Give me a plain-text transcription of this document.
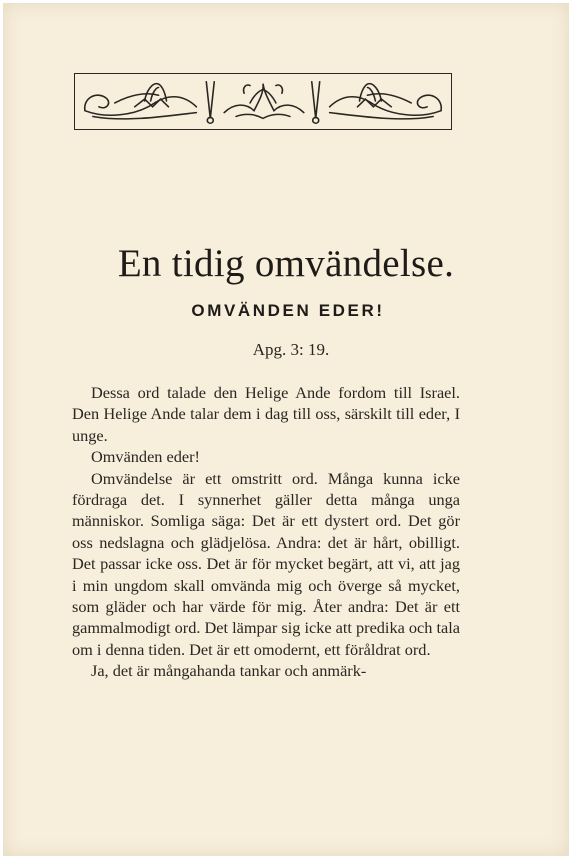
En tidig omvändelse.
OMVÄNDEN EDER!
Apg. 3: 19.

Dessa ord talade den Helige Ande fordom till Israel. Den Helige Ande talar dem i dag till oss, särskilt till eder, I unge.

Omvänden eder!

Omvändelse är ett omstritt ord. Många kunna icke fördraga det. I synnerhet gäller detta många unga människor. Somliga säga: Det är ett dystert ord. Det gör oss nedslagna och glädjelösa. Andra: det är hårt, obilligt. Det passar icke oss. Det är för mycket begärt, att vi, att jag i min ungdom skall omvända mig och överge så mycket, som gläder och har värde för mig. Åter andra: Det är ett gammalmodigt ord. Det lämpar sig icke att predika och tala om i denna tiden. Det är ett omodernt, ett föråldrat ord.

Ja, det är mångahanda tankar och anmärk-
